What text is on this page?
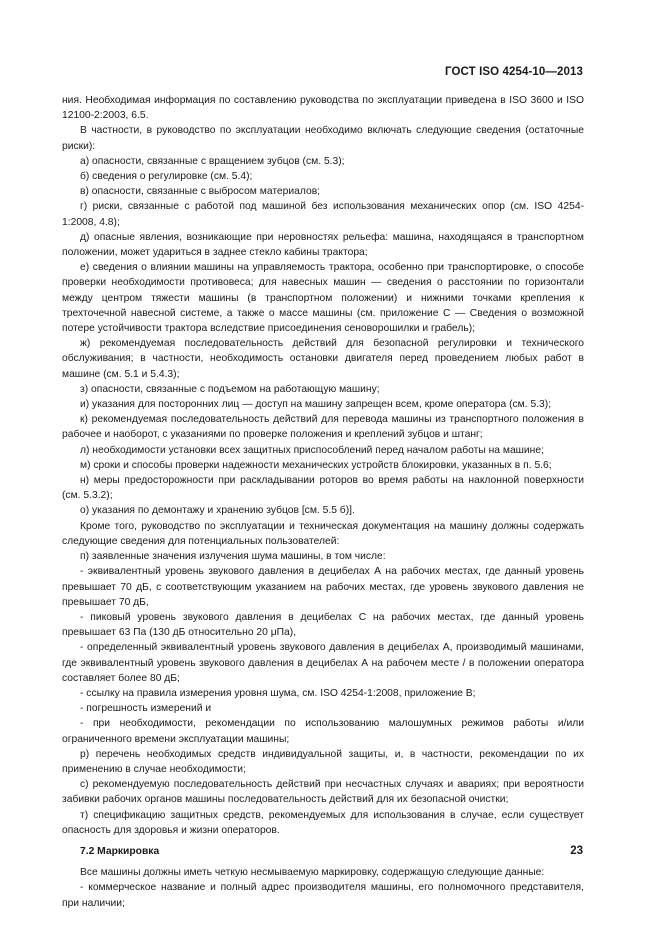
ГОСТ ISO 4254-10—2013

ния. Необходимая информация по составлению руководства по эксплуатации приведена в ISO 3600 и ISO 12100-2:2003, 6.5.

В частности, в руководство по эксплуатации необходимо включать следующие сведения (остаточные риски):

а) опасности, связанные с вращением зубцов (см. 5.3);

б) сведения о регулировке (см. 5.4);

в) опасности, связанные с выбросом материалов;

г) риски, связанные с работой под машиной без использования механических опор (см. ISO 4254-1:2008, 4.8);

д) опасные явления, возникающие при неровностях рельефа: машина, находящаяся в транспортном положении, может удариться в заднее стекло кабины трактора;

е) сведения о влиянии машины на управляемость трактора, особенно при транспортировке, о способе проверки необходимости противовеса; для навесных машин — сведения о расстоянии по горизонтали между центром тяжести машины (в транспортном положении) и нижними точками крепления к трехточечной навесной системе, а также о массе машины (см. приложение С — Сведения о возможной потере устойчивости трактора вследствие присоединения сеноворошилки и грабель);

ж) рекомендуемая последовательность действий для безопасной регулировки и технического обслуживания; в частности, необходимость остановки двигателя перед проведением любых работ в машине (см. 5.1 и 5.4.3);

з) опасности, связанные с подъемом на работающую машину;

и) указания для посторонних лиц — доступ на машину запрещен всем, кроме оператора (см. 5.3);

к) рекомендуемая последовательность действий для перевода машины из транспортного положения в рабочее и наоборот, с указаниями по проверке положения и креплений зубцов и штанг;

л) необходимости установки всех защитных приспособлений перед началом работы на машине;

м) сроки и способы проверки надежности механических устройств блокировки, указанных в п. 5.6;

н) меры предосторожности при раскладывании роторов во время работы на наклонной поверхности (см. 5.3.2);

о) указания по демонтажу и хранению зубцов [см. 5.5 б)].

Кроме того, руководство по эксплуатации и техническая документация на машину должны содержать следующие сведения для потенциальных пользователей:

п) заявленные значения излучения шума машины, в том числе:

- эквивалентный уровень звукового давления в децибелах А на рабочих местах, где данный уровень превышает 70 дБ, с соответствующим указанием на рабочих местах, где уровень звукового давления не превышает 70 дБ,

- пиковый уровень звукового давления в децибелах С на рабочих местах, где данный уровень превышает 63 Па (130 дБ относительно 20 μПа),

- определенный эквивалентный уровень звукового давления в децибелах А, производимый машинами, где эквивалентный уровень звукового давления в децибелах А на рабочем месте / в положении оператора составляет более 80 дБ;

- ссылку на правила измерения уровня шума, см. ISO 4254-1:2008, приложение В;

- погрешность измерений и

- при необходимости, рекомендации по использованию малошумных режимов работы и/или ограниченного времени эксплуатации машины;

р) перечень необходимых средств индивидуальной защиты, и, в частности, рекомендации по их применению в случае необходимости;

с) рекомендуемую последовательность действий при несчастных случаях и авариях; при вероятности забивки рабочих органов машины последовательность действий для их безопасной очистки;

т) спецификацию защитных средств, рекомендуемых для использования в случае, если существует опасность для здоровья и жизни операторов.

7.2 Маркировка

Все машины должны иметь четкую несмываемую маркировку, содержащую следующие данные:

- коммерческое название и полный адрес производителя машины, его полномочного представителя, при наличии;

23
